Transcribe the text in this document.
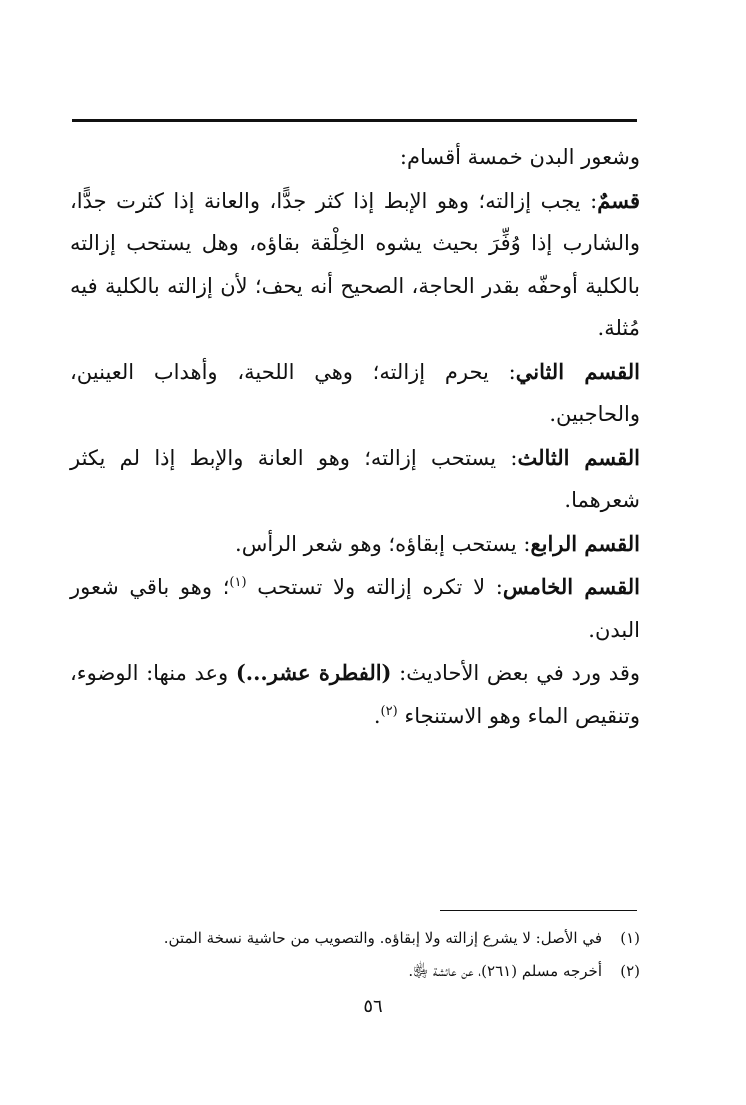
وشعور البدن خمسة أقسام:

قسمٌ: يجب إزالته؛ وهو الإبط إذا كثر جدًّا، والعانة إذا كثرت جدًّا، والشارب إذا وُفِّرَ بحيث يشوه الخِلْقة بقاؤه، وهل يستحب إزالته بالكلية أوحفّه بقدر الحاجة، الصحيح أنه يحف؛ لأن إزالته بالكلية فيه مُثلة.

القسم الثاني: يحرم إزالته؛ وهي اللحية، وأهداب العينين، والحاجبين.

القسم الثالث: يستحب إزالته؛ وهو العانة والإبط إذا لم يكثر شعرهما.

القسم الرابع: يستحب إبقاؤه؛ وهو شعر الرأس.

القسم الخامس: لا تكره إزالته ولا تستحب $^{(١)}$؛ وهو باقي شعور البدن.

وقد ورد في بعض الأحاديث: (الفطرة عشر...) وعد منها: الوضوء، وتنقيص الماء وهو الاستنجاء $^{(٢)}$.

(١)
في الأصل: لا يشرع إزالته ولا إبقاؤه. والتصويب من حاشية نسخة المتن.
(٢)
أخرجه مسلم (٢٦١)، عن عائشة ﵂.
٥٦
